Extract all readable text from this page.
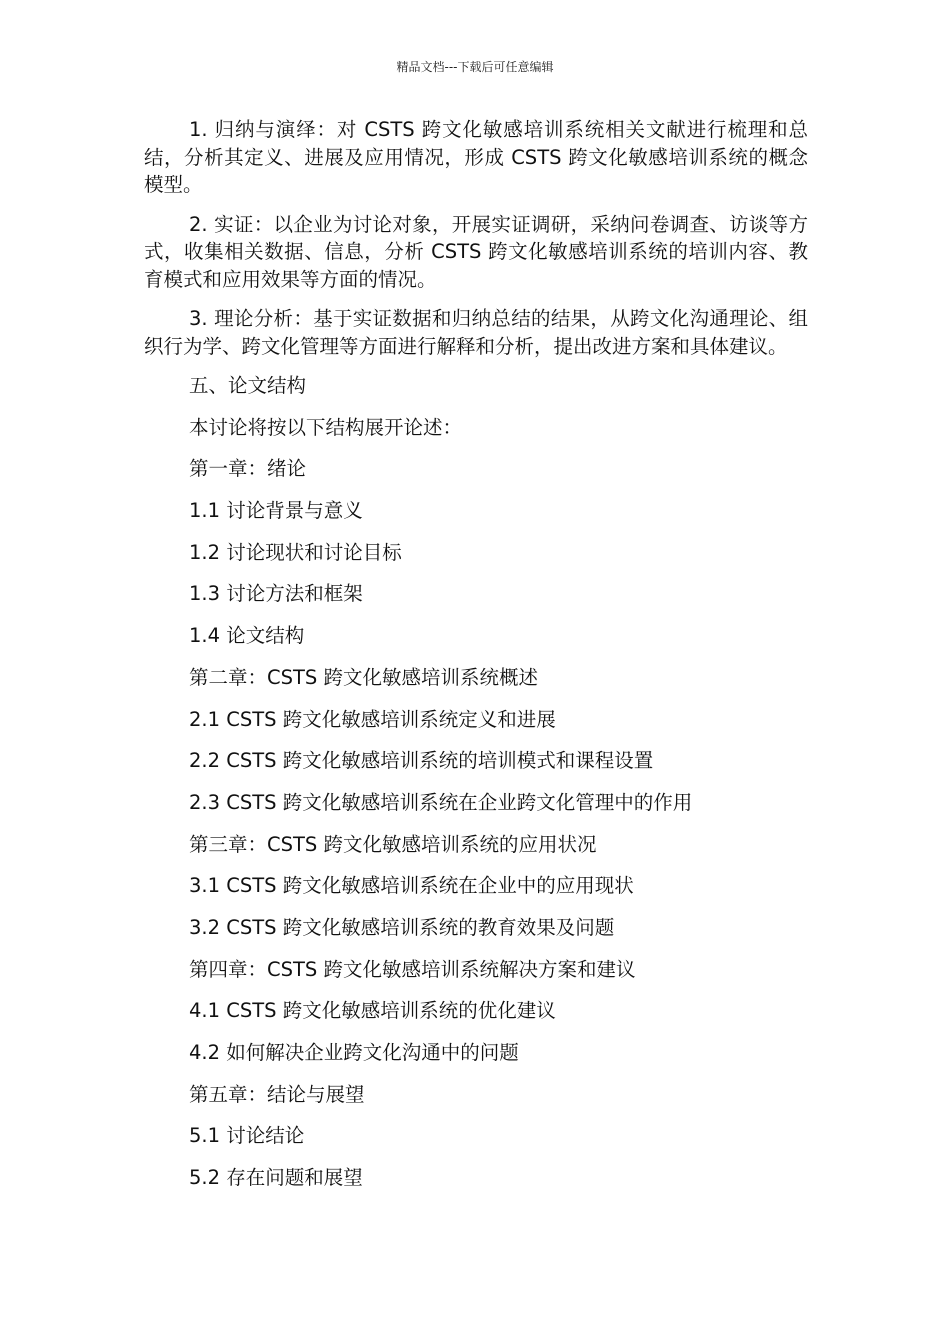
精品文档---下载后可任意编辑

1. 归纳与演绎：对 CSTS 跨文化敏感培训系统相关文献进行梳理和总结，分析其定义、进展及应用情况，形成 CSTS 跨文化敏感培训系统的概念模型。

2. 实证：以企业为讨论对象，开展实证调研，采纳问卷调查、访谈等方式，收集相关数据、信息，分析 CSTS 跨文化敏感培训系统的培训内容、教育模式和应用效果等方面的情况。

3. 理论分析：基于实证数据和归纳总结的结果，从跨文化沟通理论、组织行为学、跨文化管理等方面进行解释和分析，提出改进方案和具体建议。

五、论文结构
本讨论将按以下结构展开论述：
第一章：绪论
1.1 讨论背景与意义
1.2 讨论现状和讨论目标
1.3 讨论方法和框架
1.4 论文结构
第二章：CSTS 跨文化敏感培训系统概述
2.1 CSTS 跨文化敏感培训系统定义和进展
2.2 CSTS 跨文化敏感培训系统的培训模式和课程设置
2.3 CSTS 跨文化敏感培训系统在企业跨文化管理中的作用
第三章：CSTS 跨文化敏感培训系统的应用状况
3.1 CSTS 跨文化敏感培训系统在企业中的应用现状
3.2 CSTS 跨文化敏感培训系统的教育效果及问题
第四章：CSTS 跨文化敏感培训系统解决方案和建议
4.1 CSTS 跨文化敏感培训系统的优化建议
4.2 如何解决企业跨文化沟通中的问题
第五章：结论与展望
5.1 讨论结论
5.2 存在问题和展望
